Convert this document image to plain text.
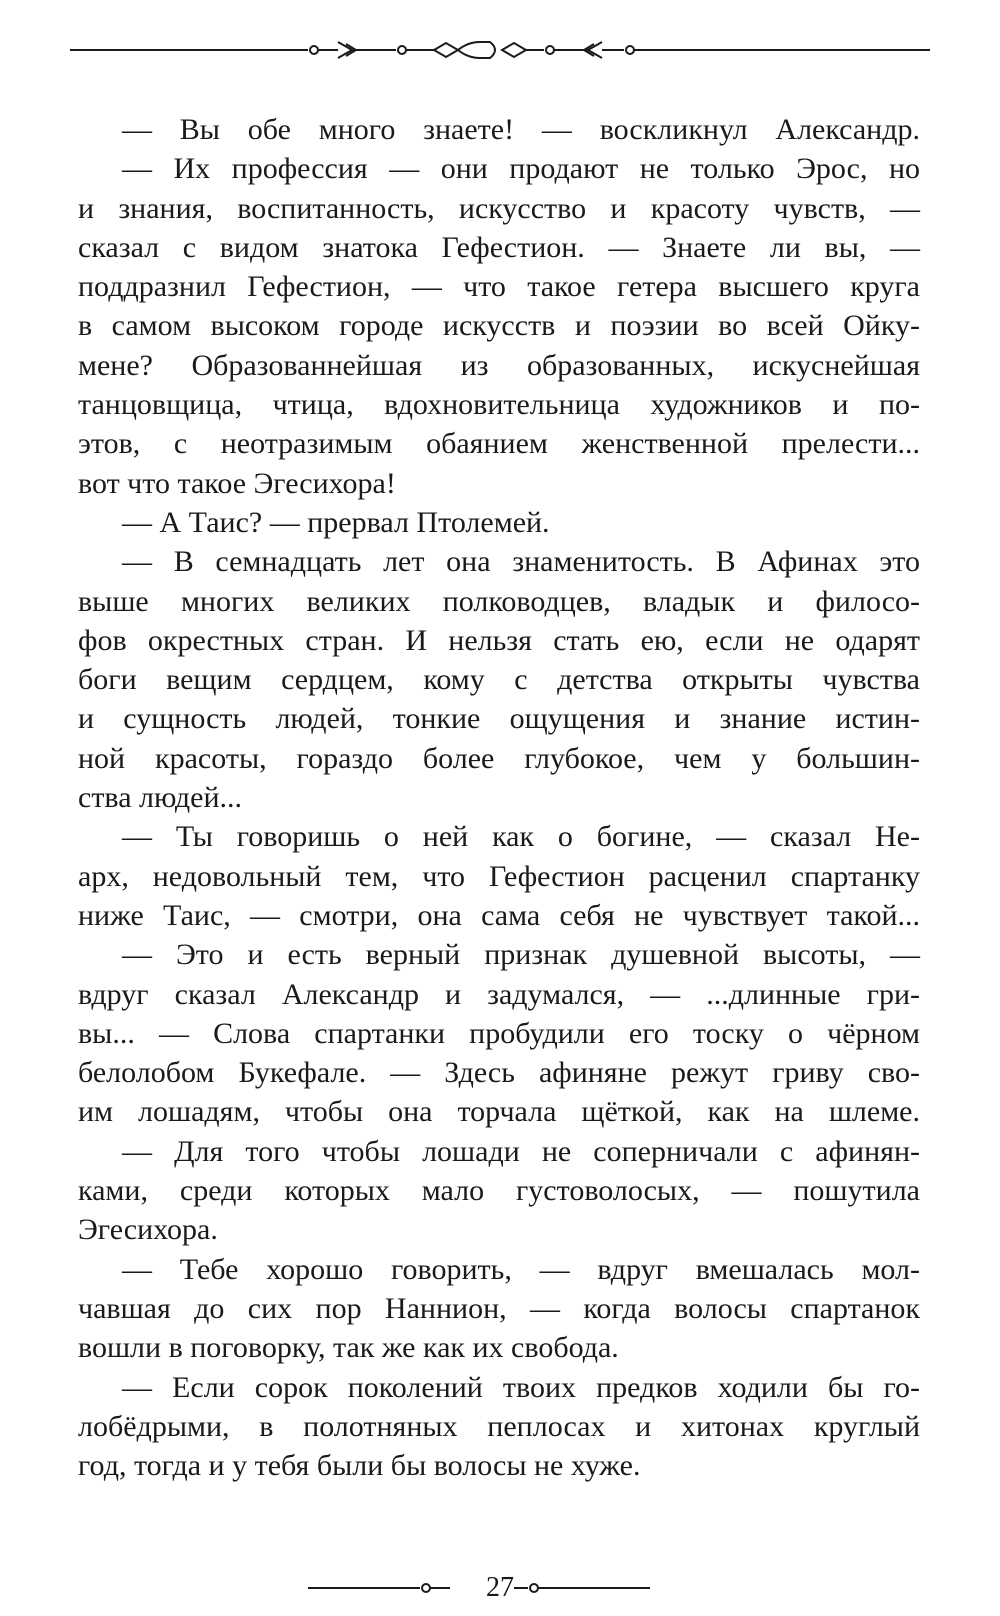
— Вы обе много знаете! — воскликнул Александр.
— Их профессия — они продают не только Эрос, но
и знания, воспитанность, искусство и красоту чувств, —
сказал с видом знатока Гефестион. — Знаете ли вы, —
поддразнил Гефестион, — что такое гетера высшего круга
в самом высоком городе искусств и поэзии во всей Ойку-
мене? Образованнейшая из образованных, искуснейшая
танцовщица, чтица, вдохновительница художников и по-
этов, с неотразимым обаянием женственной прелести...
вот что такое Эгесихора!
— А Таис? — прервал Птолемей.
— В семнадцать лет она знаменитость. В Афинах это
выше многих великих полководцев, владык и филосо-
фов окрестных стран. И нельзя стать ею, если не одарят
боги вещим сердцем, кому с детства открыты чувства
и сущность людей, тонкие ощущения и знание истин-
ной красоты, гораздо более глубокое, чем у большин-
ства людей...
— Ты говоришь о ней как о богине, — сказал Не-
арх, недовольный тем, что Гефестион расценил спартанку
ниже Таис, — смотри, она сама себя не чувствует такой...
— Это и есть верный признак душевной высоты, —
вдруг сказал Александр и задумался, — ...длинные гри-
вы... — Слова спартанки пробудили его тоску о чёрном
белолобом Букефале. — Здесь афиняне режут гриву сво-
им лошадям, чтобы она торчала щёткой, как на шлеме.
— Для того чтобы лошади не соперничали с афинян-
ками, среди которых мало густоволосых, — пошутила
Эгесихора.
— Тебе хорошо говорить, — вдруг вмешалась мол-
чавшая до сих пор Наннион, — когда волосы спартанок
вошли в поговорку, так же как их свобода.
— Если сорок поколений твоих предков ходили бы го-
лобёдрыми, в полотняных пеплосах и хитонах круглый
год, тогда и у тебя были бы волосы не хуже.
27
